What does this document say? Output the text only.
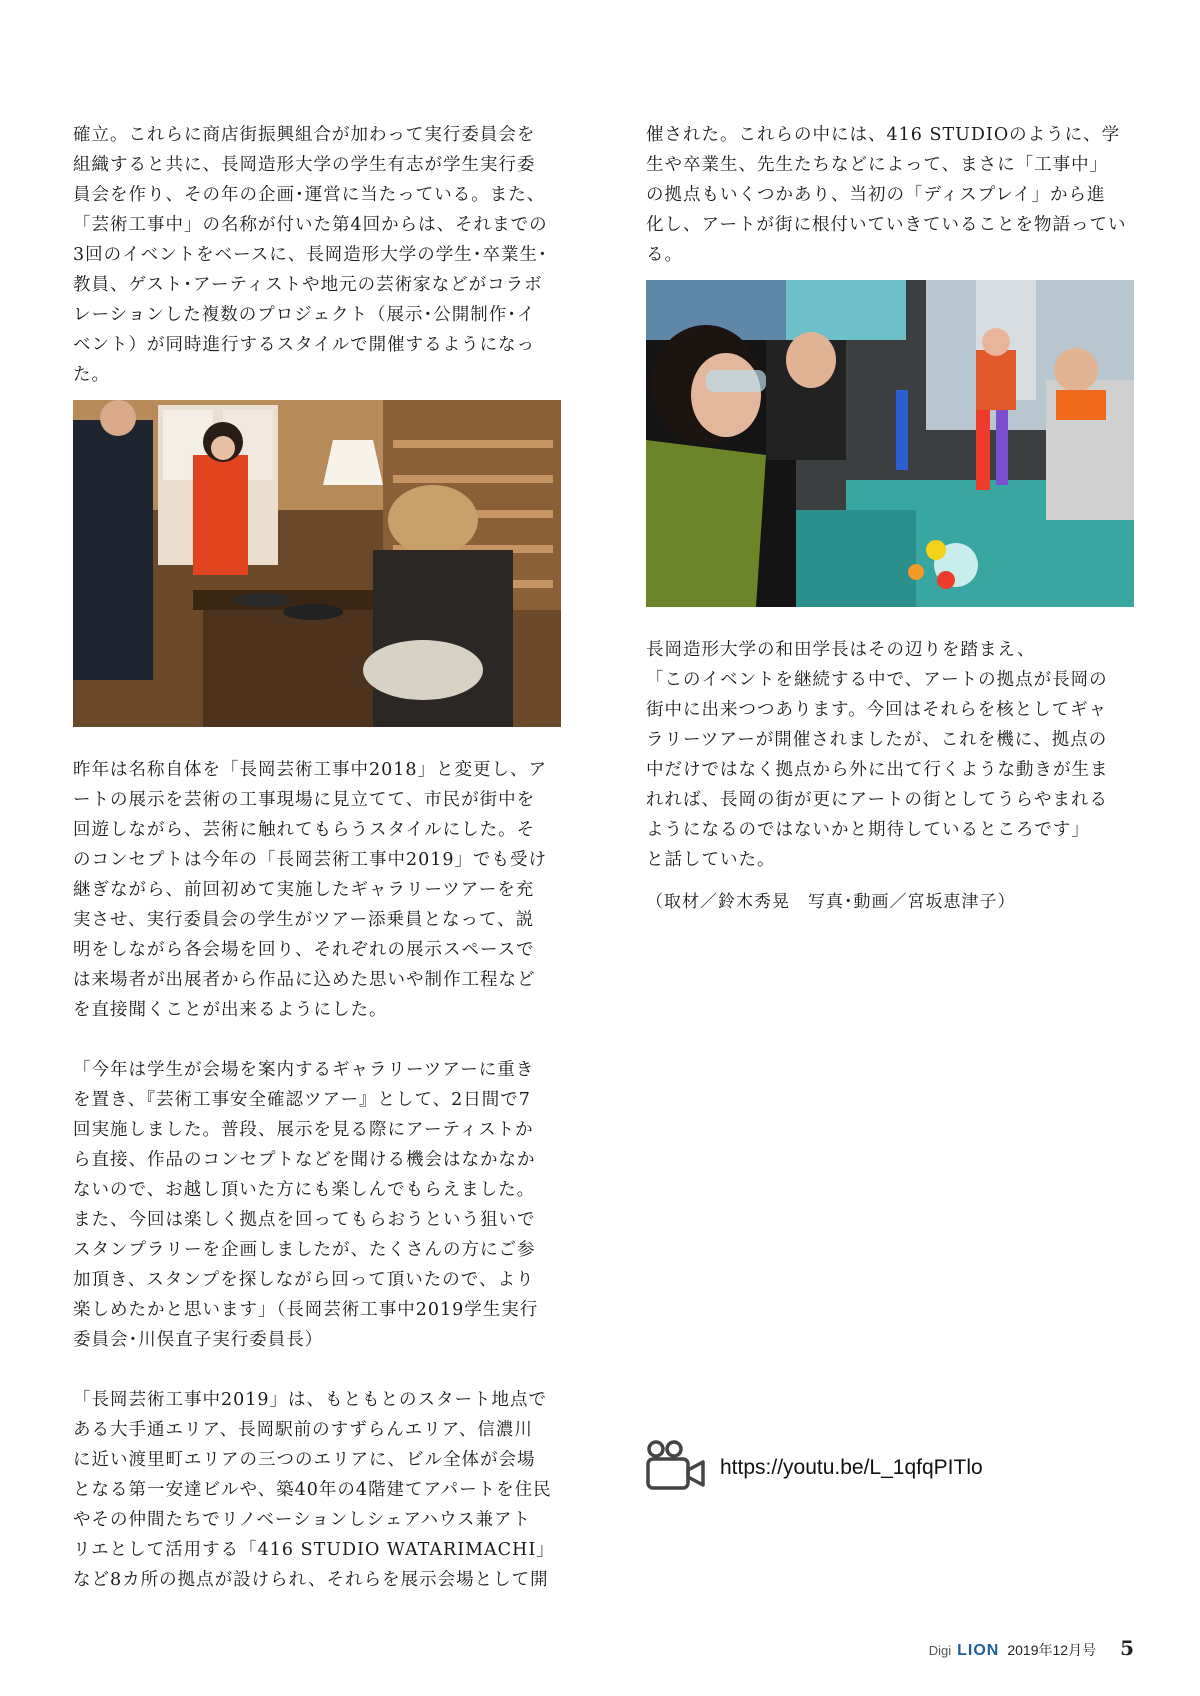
確立。これらに商店街振興組合が加わって実行委員会を
組織すると共に、長岡造形大学の学生有志が学生実行委
員会を作り、その年の企画･運営に当たっている。また、
「芸術工事中」の名称が付いた第4回からは、それまでの
3回のイベントをベースに、長岡造形大学の学生･卒業生･
教員、ゲスト･アーティストや地元の芸術家などがコラボ
レーションした複数のプロジェクト（展示･公開制作･イ
ベント）が同時進行するスタイルで開催するようになっ
た。

昨年は名称自体を「長岡芸術工事中2018」と変更し、ア
ートの展示を芸術の工事現場に見立てて、市民が街中を
回遊しながら、芸術に触れてもらうスタイルにした。そ
のコンセプトは今年の「長岡芸術工事中2019」でも受け
継ぎながら、前回初めて実施したギャラリーツアーを充
実させ、実行委員会の学生がツアー添乗員となって、説
明をしながら各会場を回り、それぞれの展示スペースで
は来場者が出展者から作品に込めた思いや制作工程など
を直接聞くことが出来るようにした。

「今年は学生が会場を案内するギャラリーツアーに重き
を置き、『芸術工事安全確認ツアー』として、2日間で7
回実施しました。普段、展示を見る際にアーティストか
ら直接、作品のコンセプトなどを聞ける機会はなかなか
ないので、お越し頂いた方にも楽しんでもらえました。
また、今回は楽しく拠点を回ってもらおうという狙いで
スタンプラリーを企画しましたが、たくさんの方にご参
加頂き、スタンプを探しながら回って頂いたので、より
楽しめたかと思います」（長岡芸術工事中2019学生実行
委員会･川俣直子実行委員長）

「長岡芸術工事中2019」は、もともとのスタート地点で
ある大手通エリア、長岡駅前のすずらんエリア、信濃川
に近い渡里町エリアの三つのエリアに、ビル全体が会場
となる第一安達ビルや、築40年の4階建てアパートを住民
やその仲間たちでリノベーションしシェアハウス兼アト
リエとして活用する「416 STUDIO WATARIMACHI」
など8カ所の拠点が設けられ、それらを展示会場として開

催された。これらの中には、416 STUDIOのように、学
生や卒業生、先生たちなどによって、まさに「工事中」
の拠点もいくつかあり、当初の「ディスプレイ」から進
化し、アートが街に根付いていきていることを物語ってい
る。

長岡造形大学の和田学長はその辺りを踏まえ、
「このイベントを継続する中で、アートの拠点が長岡の
街中に出来つつあります。今回はそれらを核としてギャ
ラリーツアーが開催されましたが、これを機に、拠点の
中だけではなく拠点から外に出て行くような動きが生ま
れれば、長岡の街が更にアートの街としてうらやまれる
ようになるのではないかと期待しているところです」
と話していた。

（取材／鈴木秀晃　写真･動画／宮坂恵津子）
https://youtu.be/L_1qfqPITlo
Digi LION 2019年12月号 5
